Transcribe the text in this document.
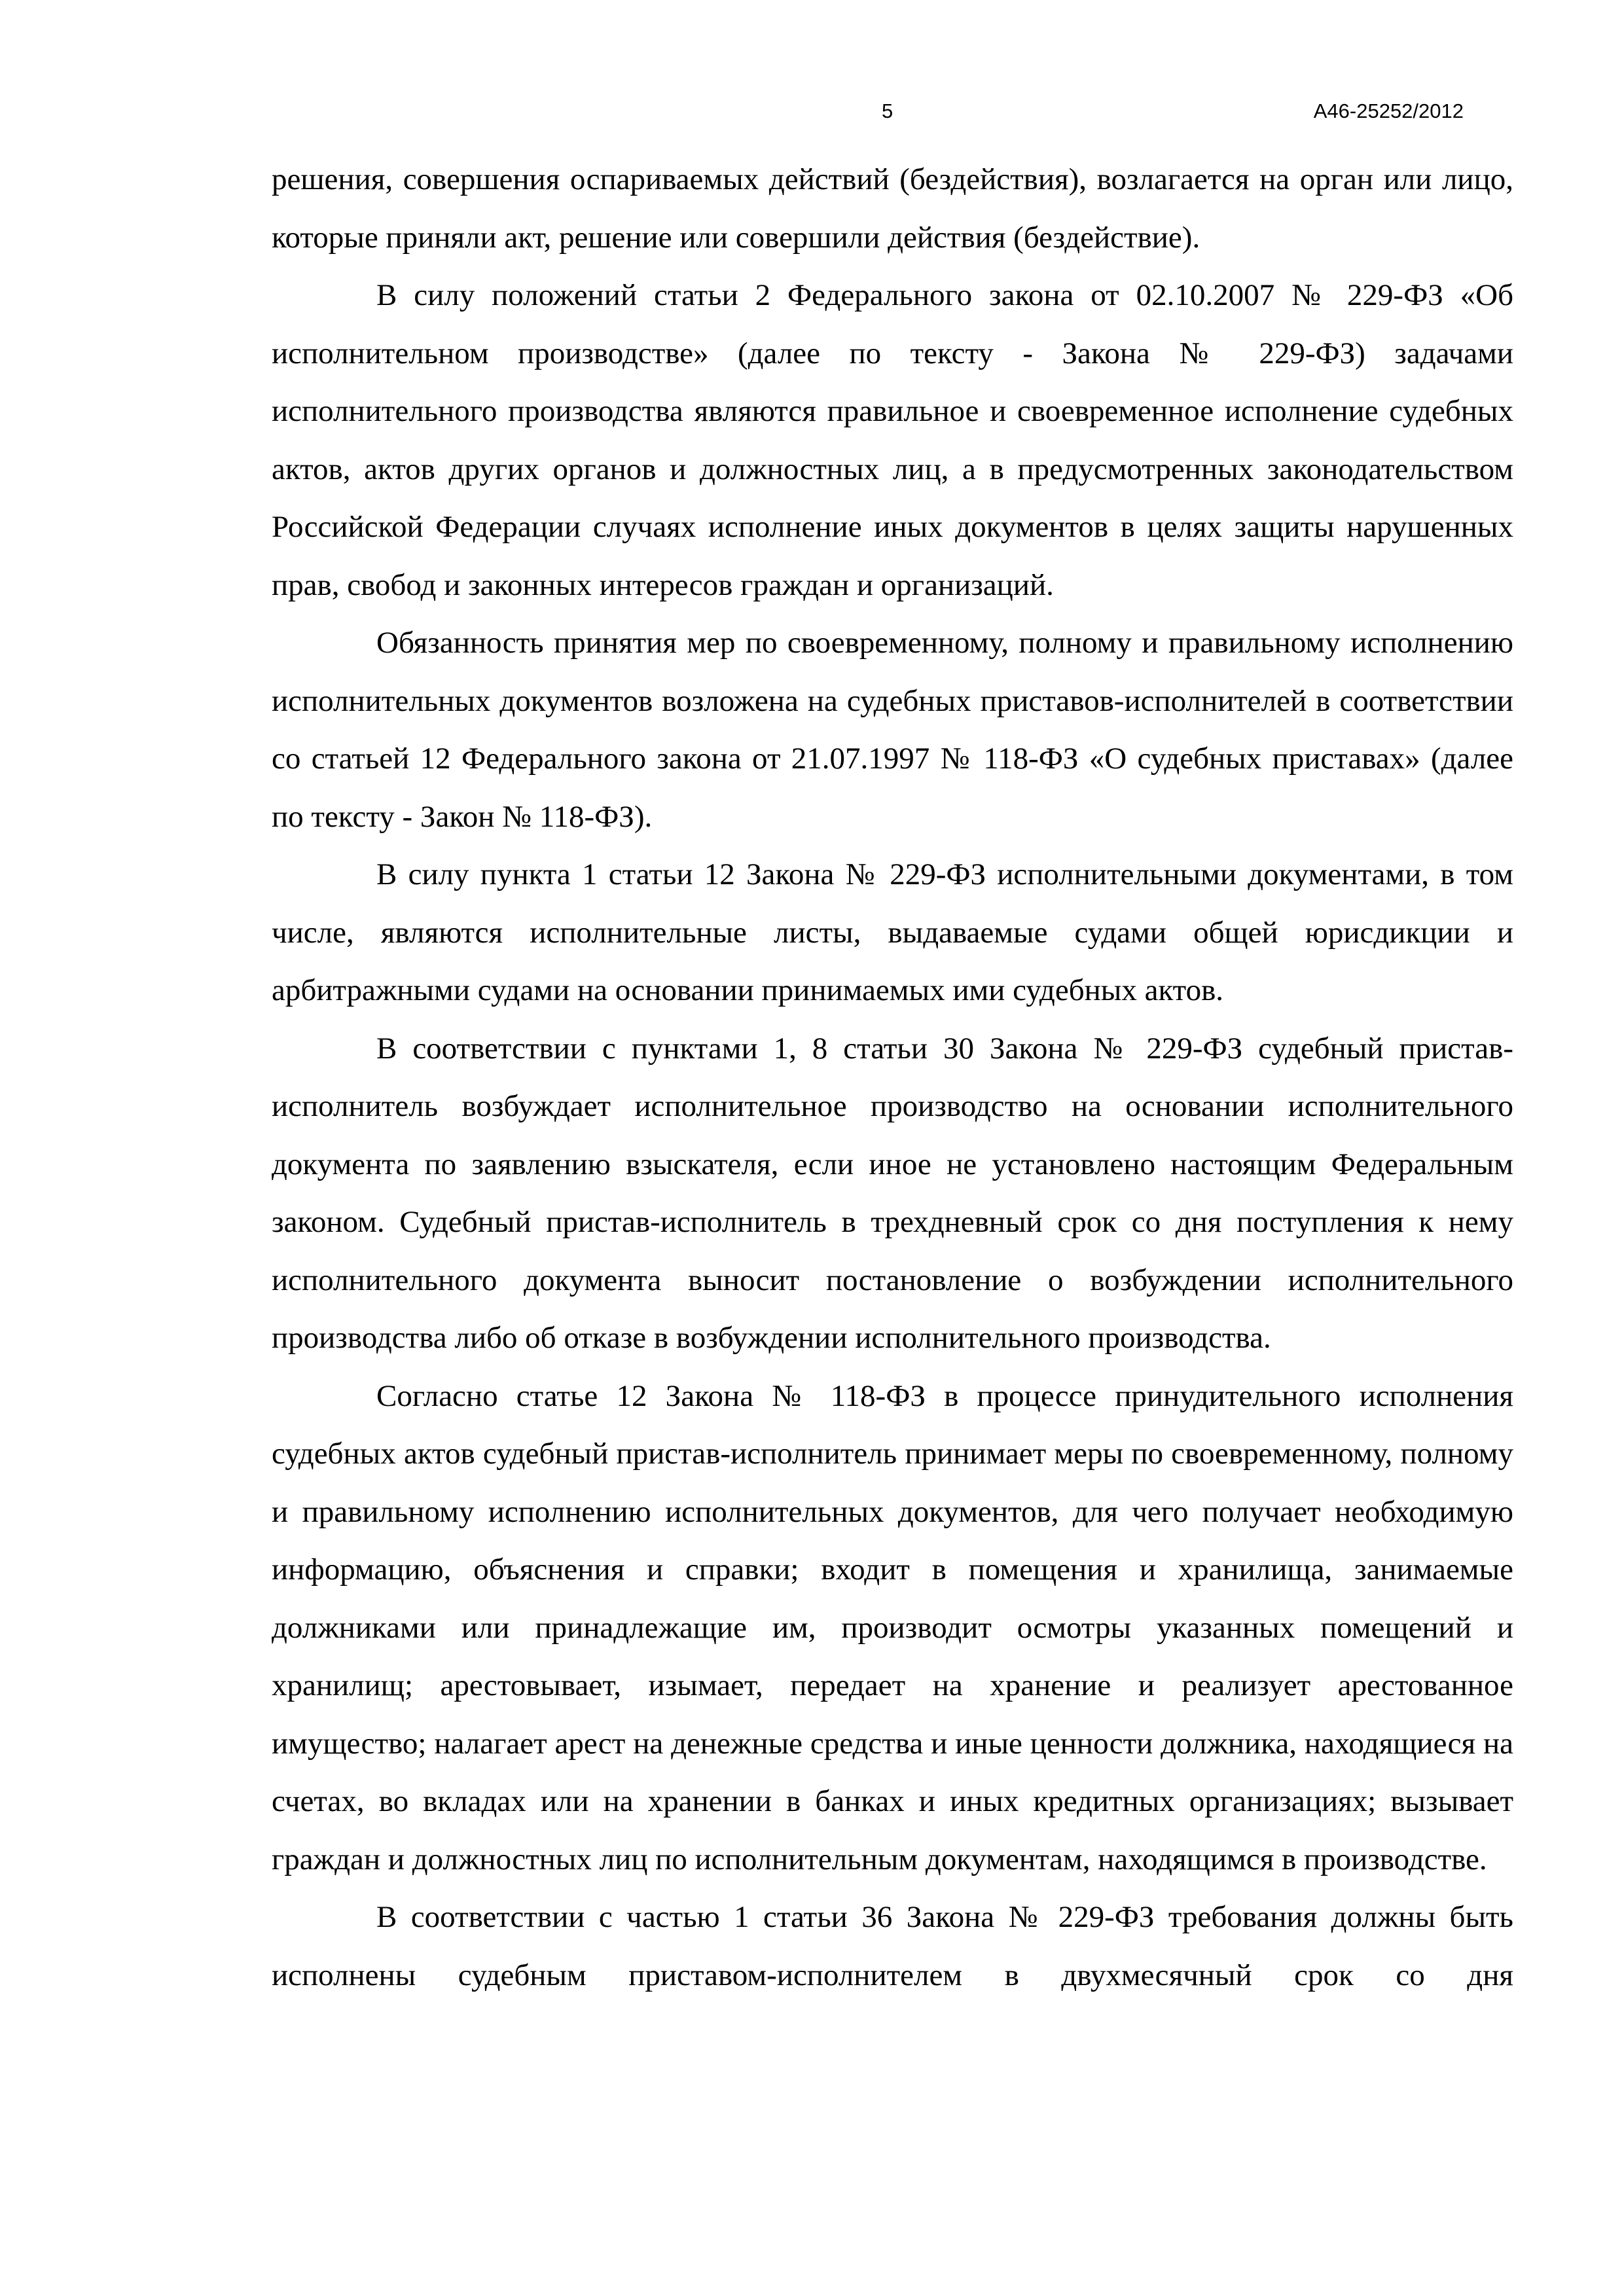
5	А46-25252/2012

решения, совершения оспариваемых действий (бездействия), возлагается на орган или лицо, которые приняли акт, решение или совершили действия (бездействие).

В силу положений статьи 2 Федерального закона от 02.10.2007 № 229-ФЗ «Об исполнительном производстве» (далее по тексту - Закона № 229-ФЗ) задачами исполнительного производства являются правильное и своевременное исполнение судебных актов, актов других органов и должностных лиц, а в предусмотренных законодательством Российской Федерации случаях исполнение иных документов в целях защиты нарушенных прав, свобод и законных интересов граждан и организаций.

Обязанность принятия мер по своевременному, полному и правильному исполнению исполнительных документов возложена на судебных приставов-исполнителей в соответствии со статьей 12 Федерального закона от 21.07.1997 № 118-ФЗ «О судебных приставах» (далее по тексту - Закон № 118-ФЗ).

В силу пункта 1 статьи 12 Закона № 229-ФЗ исполнительными документами, в том числе, являются исполнительные листы, выдаваемые судами общей юрисдикции и арбитражными судами на основании принимаемых ими судебных актов.

В соответствии с пунктами 1, 8 статьи 30 Закона № 229-ФЗ судебный пристав-исполнитель возбуждает исполнительное производство на основании исполнительного документа по заявлению взыскателя, если иное не установлено настоящим Федеральным законом. Судебный пристав-исполнитель в трехдневный срок со дня поступления к нему исполнительного документа выносит постановление о возбуждении исполнительного производства либо об отказе в возбуждении исполнительного производства.

Согласно статье 12 Закона № 118-ФЗ в процессе принудительного исполнения судебных актов судебный пристав-исполнитель принимает меры по своевременному, полному и правильному исполнению исполнительных документов, для чего получает необходимую информацию, объяснения и справки; входит в помещения и хранилища, занимаемые должниками или принадлежащие им, производит осмотры указанных помещений и хранилищ; арестовывает, изымает, передает на хранение и реализует арестованное имущество; налагает арест на денежные средства и иные ценности должника, находящиеся на счетах, во вкладах или на хранении в банках и иных кредитных организациях; вызывает граждан и должностных лиц по исполнительным документам, находящимся в производстве.

В соответствии с частью 1 статьи 36 Закона № 229-ФЗ требования должны быть исполнены судебным приставом-исполнителем в двухмесячный срок со дня
